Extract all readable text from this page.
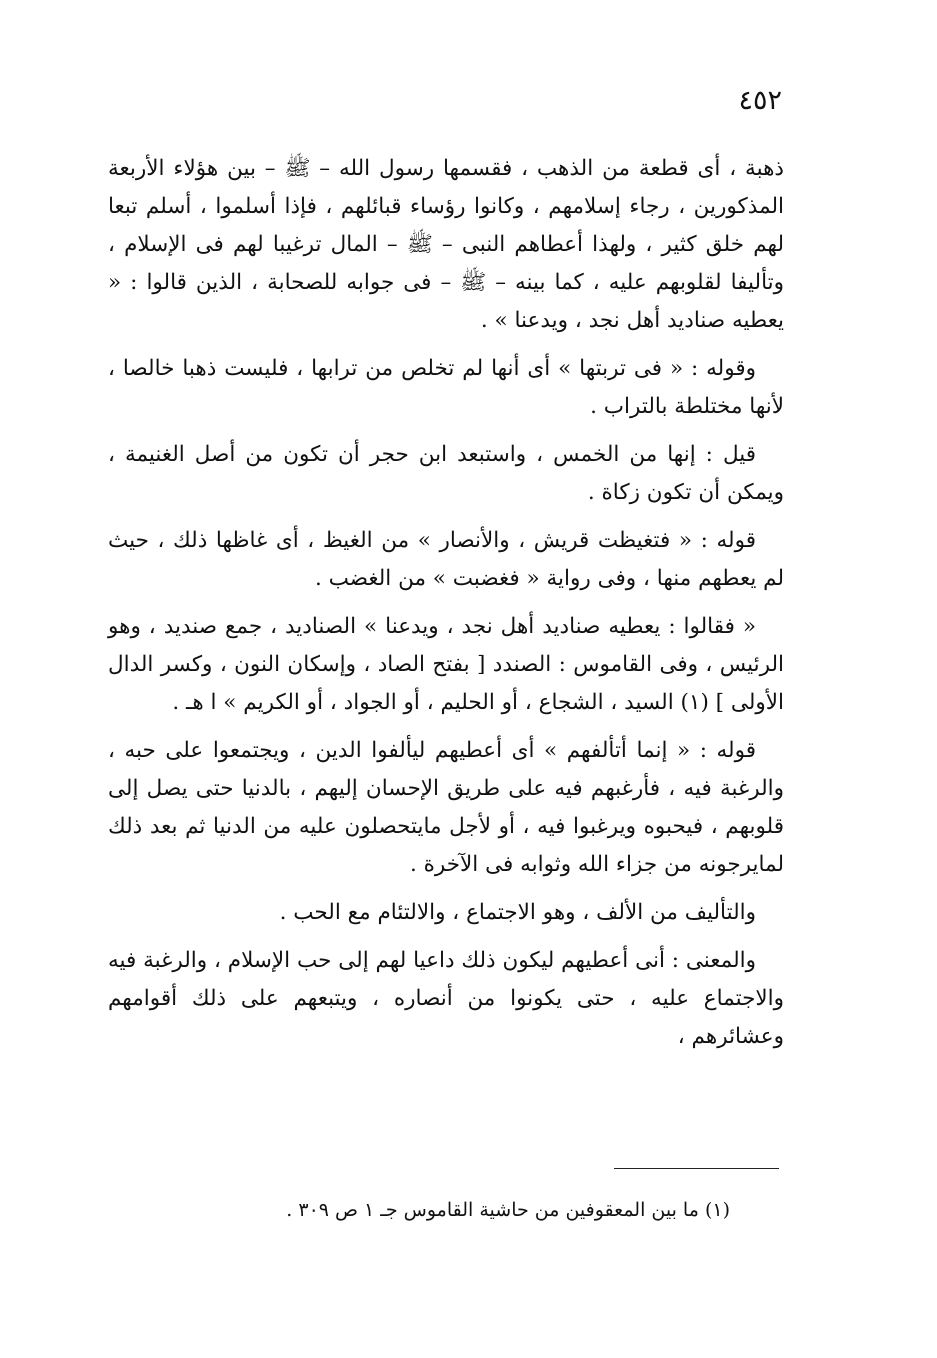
٤٥٢

ذهبة ، أى قطعة من الذهب ، فقسمها رسول الله – ﷺ – بين هؤلاء الأربعة المذكورين ، رجاء إسلامهم ، وكانوا رؤساء قبائلهم ، فإذا أسلموا ، أسلم تبعا لهم خلق كثير ، ولهذا أعطاهم النبى – ﷺ – المال ترغيبا لهم فى الإسلام ، وتأليفا لقلوبهم عليه ، كما بينه – ﷺ – فى جوابه للصحابة ، الذين قالوا : « يعطيه صناديد أهل نجد ، ويدعنا » .

وقوله : « فى تربتها » أى أنها لم تخلص من ترابها ، فليست ذهبا خالصا ، لأنها مختلطة بالتراب .

قيل : إنها من الخمس ، واستبعد ابن حجر أن تكون من أصل الغنيمة ، ويمكن أن تكون زكاة .

قوله : « فتغيظت قريش ، والأنصار » من الغيظ ، أى غاظها ذلك ، حيث لم يعطهم منها ، وفى رواية « فغضبت » من الغضب .

« فقالوا : يعطيه صناديد أهل نجد ، ويدعنا » الصناديد ، جمع صنديد ، وهو الرئيس ، وفى القاموس : الصندد [ بفتح الصاد ، وإسكان النون ، وكسر الدال الأولى ] (١) السيد ، الشجاع ، أو الحليم ، أو الجواد ، أو الكريم » ا هـ .

قوله : « إنما أتألفهم » أى أعطيهم ليألفوا الدين ، ويجتمعوا على حبه ، والرغبة فيه ، فأرغبهم فيه على طريق الإحسان إليهم ، بالدنيا حتى يصل إلى قلوبهم ، فيحبوه ويرغبوا فيه ، أو لأجل مايتحصلون عليه من الدنيا ثم بعد ذلك لمايرجونه من جزاء الله وثوابه فى الآخرة .

والتأليف من الألف ، وهو الاجتماع ، والالتئام مع الحب .

والمعنى : أنى أعطيهم ليكون ذلك داعيا لهم إلى حب الإسلام ، والرغبة فيه والاجتماع عليه ، حتى يكونوا من أنصاره ، ويتبعهم على ذلك أقوامهم وعشائرهم ،

(١) ما بين المعقوفين من حاشية القاموس جـ ١ ص ٣٠٩ .
